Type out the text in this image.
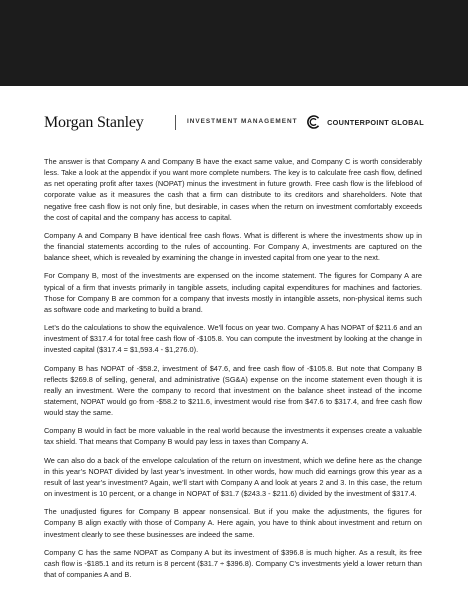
Morgan Stanley	INVESTMENT MANAGEMENT	COUNTERPOINT GLOBAL

The answer is that Company A and Company B have the exact same value, and Company C is worth considerably less. Take a look at the appendix if you want more complete numbers. The key is to calculate free cash flow, defined as net operating profit after taxes (NOPAT) minus the investment in future growth. Free cash flow is the lifeblood of corporate value as it measures the cash that a firm can distribute to its creditors and shareholders. Note that negative free cash flow is not only fine, but desirable, in cases when the return on investment comfortably exceeds the cost of capital and the company has access to capital.

Company A and Company B have identical free cash flows. What is different is where the investments show up in the financial statements according to the rules of accounting. For Company A, investments are captured on the balance sheet, which is revealed by examining the change in invested capital from one year to the next.

For Company B, most of the investments are expensed on the income statement. The figures for Company A are typical of a firm that invests primarily in tangible assets, including capital expenditures for machines and factories. Those for Company B are common for a company that invests mostly in intangible assets, non-physical items such as software code and marketing to build a brand.

Let’s do the calculations to show the equivalence. We’ll focus on year two. Company A has NOPAT of $211.6 and an investment of $317.4 for total free cash flow of -$105.8. You can compute the investment by looking at the change in invested capital ($317.4 = $1,593.4 - $1,276.0).

Company B has NOPAT of -$58.2, investment of $47.6, and free cash flow of -$105.8. But note that Company B reflects $269.8 of selling, general, and administrative (SG&A) expense on the income statement even though it is really an investment. Were the company to record that investment on the balance sheet instead of the income statement, NOPAT would go from -$58.2 to $211.6, investment would rise from $47.6 to $317.4, and free cash flow would stay the same.

Company B would in fact be more valuable in the real world because the investments it expenses create a valuable tax shield. That means that Company B would pay less in taxes than Company A.

We can also do a back of the envelope calculation of the return on investment, which we define here as the change in this year’s NOPAT divided by last year’s investment. In other words, how much did earnings grow this year as a result of last year’s investment? Again, we’ll start with Company A and look at years 2 and 3. In this case, the return on investment is 10 percent, or a change in NOPAT of $31.7 ($243.3 - $211.6) divided by the investment of $317.4.

The unadjusted figures for Company B appear nonsensical. But if you make the adjustments, the figures for Company B align exactly with those of Company A. Here again, you have to think about investment and return on investment clearly to see these businesses are indeed the same.

Company C has the same NOPAT as Company A but its investment of $396.8 is much higher. As a result, its free cash flow is -$185.1 and its return is 8 percent ($31.7 ÷ $396.8). Company C’s investments yield a lower return than that of companies A and B.
